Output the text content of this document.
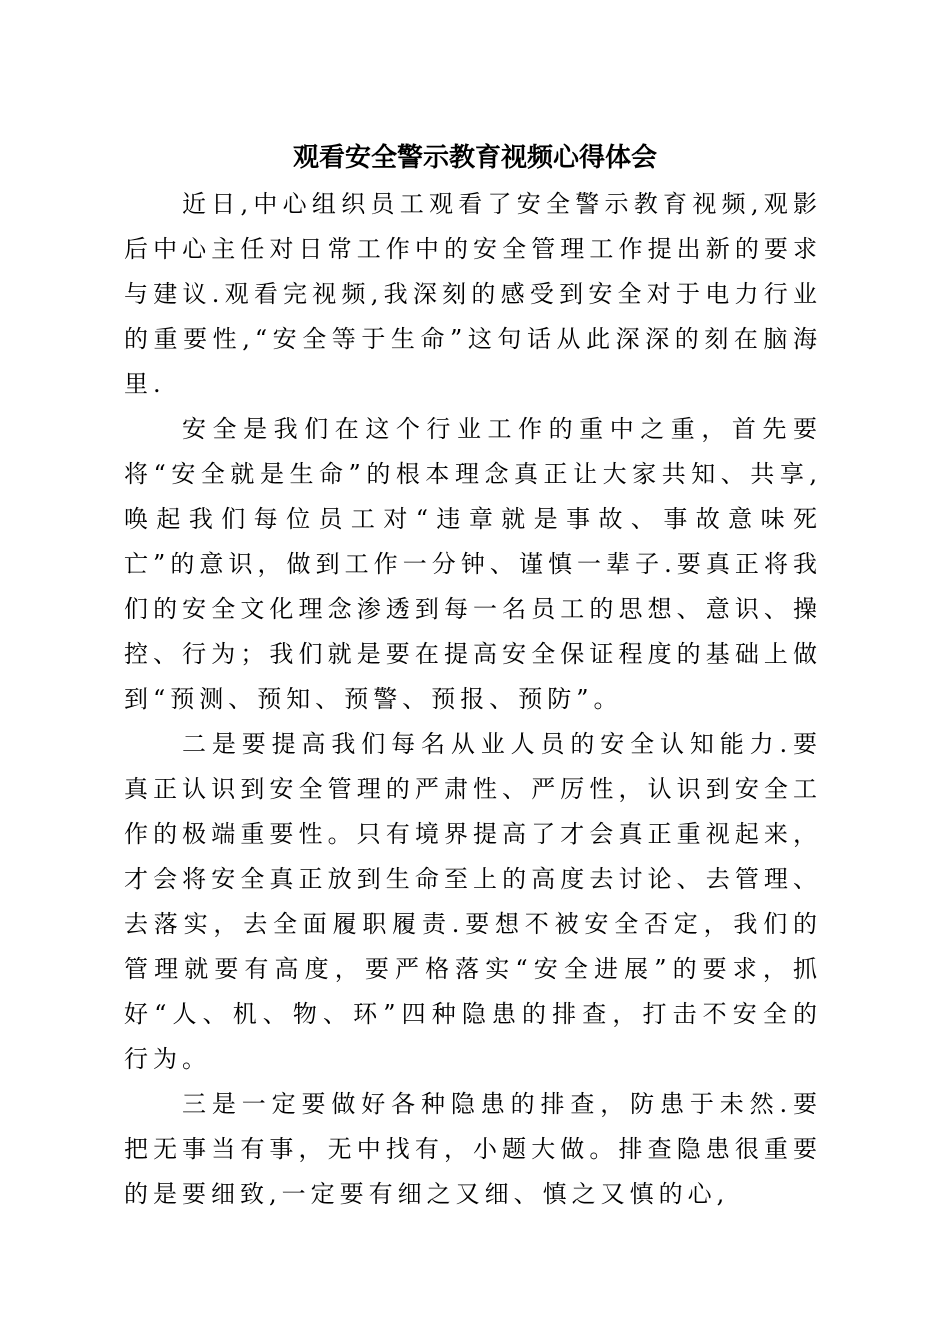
观看安全警示教育视频心得体会

近日,中心组织员工观看了安全警示教育视频,观影后中心主任对日常工作中的安全管理工作提出新的要求与建议.观看完视频,我深刻的感受到安全对于电力行业的重要性,“安全等于生命”这句话从此深深的刻在脑海里.

安全是我们在这个行业工作的重中之重，首先要将“安全就是生命”的根本理念真正让大家共知、共享,唤起我们每位员工对“违章就是事故、事故意味死亡”的意识，做到工作一分钟、谨慎一辈子.要真正将我们的安全文化理念渗透到每一名员工的思想、意识、操控、行为；我们就是要在提高安全保证程度的基础上做到“预测、预知、预警、预报、预防”。

二是要提高我们每名从业人员的安全认知能力.要真正认识到安全管理的严肃性、严厉性，认识到安全工作的极端重要性。只有境界提高了才会真正重视起来，才会将安全真正放到生命至上的高度去讨论、去管理、去落实，去全面履职履责.要想不被安全否定，我们的管理就要有高度，要严格落实“安全进展”的要求，抓好“人、机、物、环”四种隐患的排查，打击不安全的行为。

三是一定要做好各种隐患的排查，防患于未然.要把无事当有事，无中找有，小题大做。排查隐患很重要的是要细致,一定要有细之又细、慎之又慎的心,
